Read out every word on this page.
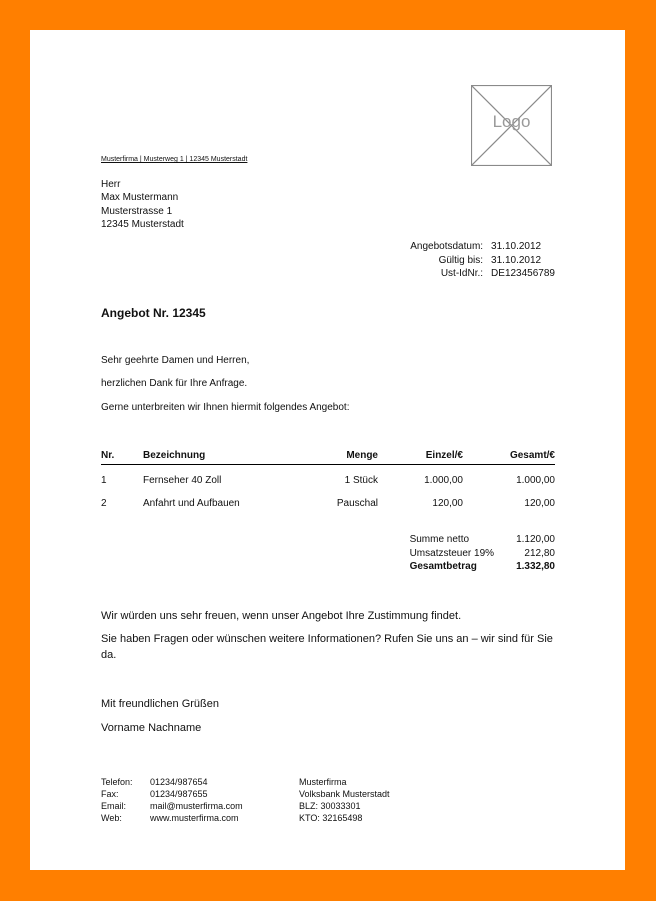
Logo
Musterfirma | Musterweg 1 | 12345 Musterstadt
Herr
Max Mustermann
Musterstrasse 1
12345 Musterstadt
Angebotsdatum:	31.10.2012
Gültig bis:	31.10.2012
Ust-IdNr.:	DE123456789
Angebot Nr. 12345
Sehr geehrte Damen und Herren,
herzlichen Dank für Ihre Anfrage.
Gerne unterbreiten wir Ihnen hiermit folgendes Angebot:
Nr.	Bezeichnung	Menge	Einzel/€	Gesamt/€
1	Fernseher 40 Zoll	1 Stück	1.000,00	1.000,00
2	Anfahrt und Aufbauen	Pauschal	120,00	120,00
Summe netto	1.120,00
Umsatzsteuer 19%	212,80
Gesamtbetrag	1.332,80
Wir würden uns sehr freuen, wenn unser Angebot Ihre Zustimmung findet.
Sie haben Fragen oder wünschen weitere Informationen? Rufen Sie uns an – wir sind für Sie
da.
Mit freundlichen Grüßen
Vorname Nachname
Telefon:	01234/987654
Fax:	01234/987655
Email:	mail@musterfirma.com
Web:	www.musterfirma.com
Musterfirma
Volksbank Musterstadt
BLZ: 30033301
KTO: 32165498
